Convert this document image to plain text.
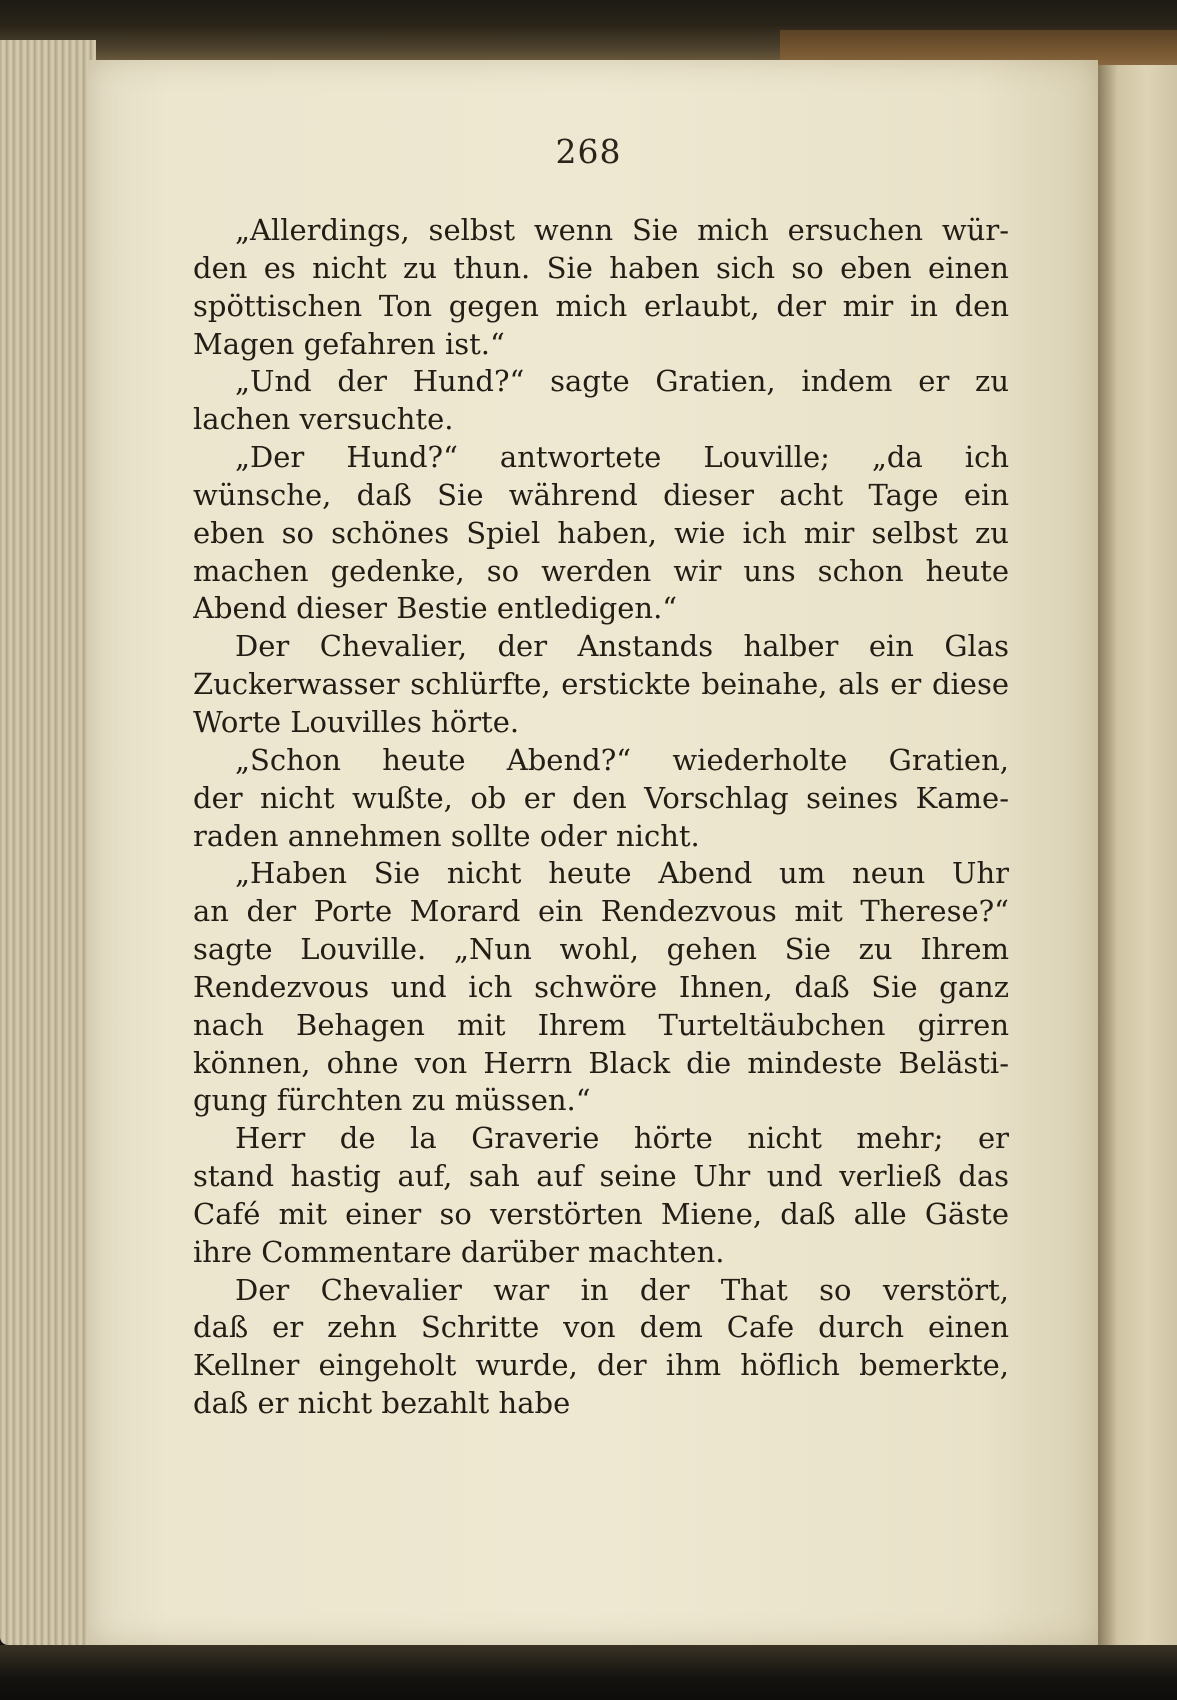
268
„Allerdings, selbst wenn Sie mich ersuchen wür-
den es nicht zu thun. Sie haben sich so eben einen
spöttischen Ton gegen mich erlaubt, der mir in den
Magen gefahren ist.“
„Und der Hund?“ sagte Gratien, indem er zu
lachen versuchte.
„Der Hund?“ antwortete Louville; „da ich
wünsche, daß Sie während dieser acht Tage ein
eben so schönes Spiel haben, wie ich mir selbst zu
machen gedenke, so werden wir uns schon heute
Abend dieser Bestie entledigen.“
Der Chevalier, der Anstands halber ein Glas
Zuckerwasser schlürfte, erstickte beinahe, als er diese
Worte Louvilles hörte.
„Schon heute Abend?“ wiederholte Gratien,
der nicht wußte, ob er den Vorschlag seines Kame-
raden annehmen sollte oder nicht.
„Haben Sie nicht heute Abend um neun Uhr
an der Porte Morard ein Rendezvous mit Therese?“
sagte Louville. „Nun wohl, gehen Sie zu Ihrem
Rendezvous und ich schwöre Ihnen, daß Sie ganz
nach Behagen mit Ihrem Turteltäubchen girren
können, ohne von Herrn Black die mindeste Belästi-
gung fürchten zu müssen.“
Herr de la Graverie hörte nicht mehr; er
stand hastig auf, sah auf seine Uhr und verließ das
Café mit einer so verstörten Miene, daß alle Gäste
ihre Commentare darüber machten.
Der Chevalier war in der That so verstört,
daß er zehn Schritte von dem Cafe durch einen
Kellner eingeholt wurde, der ihm höflich bemerkte,
daß er nicht bezahlt habe
